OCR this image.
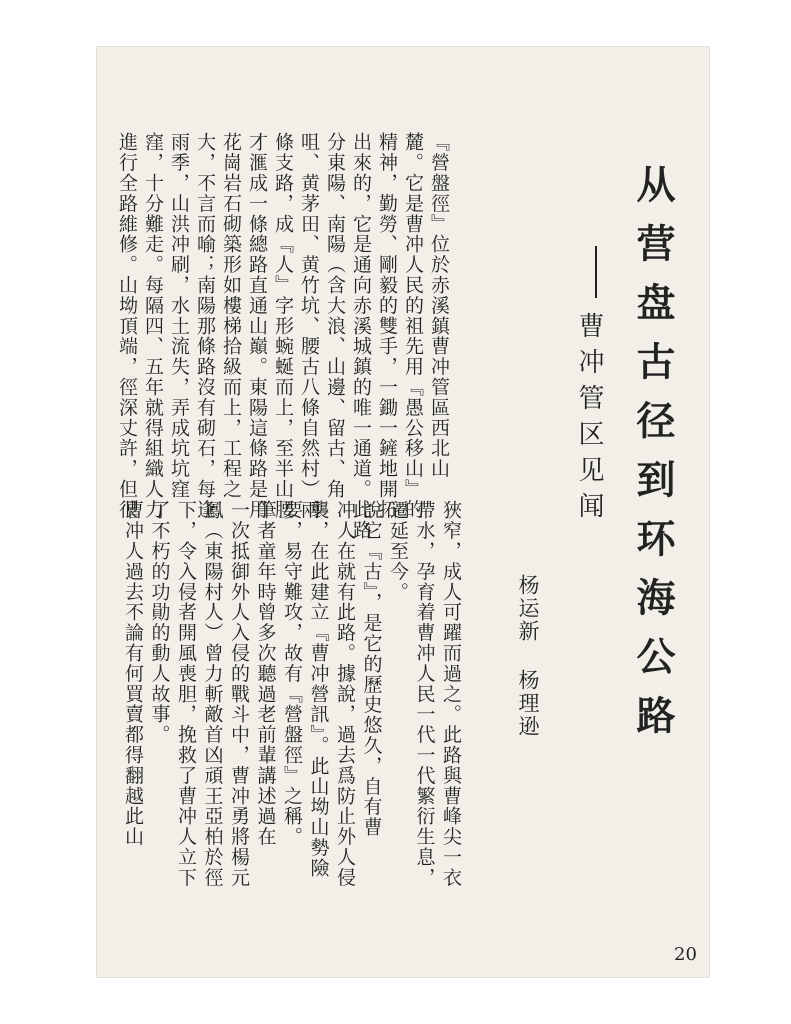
从营盘古径到环海公路
曹冲管区见闻
杨运新杨理逊
『營盤徑』位於赤溪鎮曹冲管區西北山
麓。它是曹冲人民的祖先用『愚公移山』的
精神，勤勞、剛毅的雙手，一鋤一鏟地開拓
出來的，它是通向赤溪城鎮的唯一通道。此路
分東陽、南陽（含大浪、山邊、留古、角
咀、黄茅田、黄竹坑、腰古八條自然村）兩
條支路，成『人』字形蜿蜒而上，至半山腰
才滙成一條總路直通山巔。東陽這條路是用
花崗岩石砌築形如樓梯拾級而上，工程之
大，不言而喻；南陽那條路沒有砌石，每逢
雨季，山洪冲刷，水土流失，弄成坑坑窪
窪，十分難走。每隔四、五年就得組織人力
進行全路維修。山坳頂端，徑深丈許，但很
狹窄，成人可躍而過之。此路與曹峰尖一衣
帶水，孕育着曹冲人民一代一代繁衍生息，
遷延至今。
說它『古』，是它的歷史悠久，自有曹
冲人在就有此路。據說，過去爲防止外人侵
襲，在此建立『曹冲營訊』。此山坳山勢險
要，易守難攻，故有『營盤徑』之稱。
筆者童年時曾多次聽過老前輩講述過在
一次抵御外人入侵的戰斗中，曹冲勇將楊元
鳳（東陽村人）曾力斬敵首凶頑王亞柏於徑
下，令入侵者開風喪胆，挽救了曹冲人立下
了不朽的功勛的動人故事。
曹冲人過去不論有何買賣都得翻越此山
20
